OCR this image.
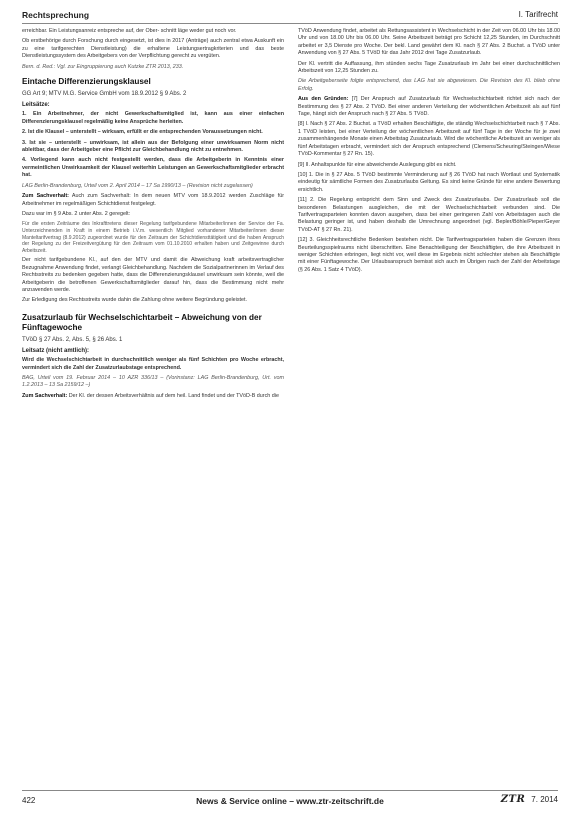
Rechtsprechung	I. Tarifrecht

erreichbar. Ein Leistungsanreiz entspreche auf, der Ober- schnitt läge weder gut noch vor.

Ob erstbehörige durch Forschung durch eingesetzt, ist dies in 2017 (Anträge) auch zentral etwa Auskunft ein zu eine tarifgerechten Dienstleistung) die erhaltene Leistungsertragkriterien und das beste Dienstleistungssystem des Arbeitgebers von der Verpflichtung gerecht zu vergüten.

Bern. d. Red.: Vgl. zur Eingruppierung auch Kutzke ZTR 2013, 233.

Eintache Differenzierungsklausel
GG Art 9; MTV M.G. Service GmbH vom 18.9.2012 § 9 Abs. 2
Leitsätze:

1. Ein Arbeitnehmer, der nicht Gewerkschaftsmitglied ist, kann aus einer einfachen Differenzierungsklausel regelmäßig keine Ansprüche herleiten.

2. Ist die Klausel – unterstellt – wirksam, erfüllt er die entsprechenden Voraussetzungen nicht.

3. Ist sie – unterstellt – unwirksam, ist allein aus der Befolgung einer unwirksamen Norm nicht ableitbar, dass der Arbeitgeber eine Pflicht zur Gleichbehandlung nicht zu entnehmen.

4. Vorliegend kann auch nicht festgestellt werden, dass die Arbeitgeberin in Kenntnis einer vermeintlichen Unwirksamkeit der Klausel weiterhin Leistungen an Gewerkschaftsmitglieder erbracht hat.

LAG Berlin-Brandenburg, Urteil vom 2. April 2014 – 17 Sa 1990/13 – (Revision nicht zugelassen)

Zum Sachverhalt: Auch zum Sachverhalt: In dem neuen MTV vom 18.9.2012 werden Zuschläge für Arbeitnehmer im regelmäßigen Schichtdienst festgelegt.

Dazu war im § 9 Abs. 2 unter Abs. 2 geregelt:

Für die ersten Zeiträume des Inkrafttretens dieser Regelung tarifgebundene Mitarbeiter/innen der Service der Fa. Unterzeichnenden in Kraft in einem Betrieb i.V.m. wesentlich Mitglied vorhandener Mitarbeiter/innen dieser Manteltarifvertrag (8.9.2012) zugeordnet wurde für den Zeitraum der Schichtdiensttätigkeit und die haben Anspruch der Regelung zu der Freizeitvergütung für den Zeitraum vom 01.10.2010 erhalten haben und Zeitgewinne durch Arbeitszeit.

Der nicht tarifgebundene Kl., auf den der MTV und damit die Abweichung kraft arbeitsvertraglicher Bezugnahme Anwendung findet, verlangt Gleichbehandlung. Nachdem die Sozialpartnerinnen im Verlauf des Rechtsstreits zu bedenken gegeben hatte, dass die Differenzierungsklausel unwirksam sein könnte, weil die Arbeitgeberin die betroffenen Gewerkschaftsmitglieder darauf hin, dass die Bestimmung nicht mehr anzuwenden werde.

Zur Erledigung des Rechtsstreits wurde dahin die Zahlung ohne weitere Begründung geleistet.

Zusatzurlaub für Wechselschichtarbeit – Abweichung von der Fünftagewoche
TVöD § 27 Abs. 2, Abs. 5, § 26 Abs. 1
Leitsatz (nicht amtlich):

Wird die Wechselschichtarbeit in durchschnittlich weniger als fünf Schichten pro Woche erbracht, vermindert sich die Zahl der Zusatzurlaubstage entsprechend.

BAG, Urteil vom 19. Februar 2014 – 10 AZR 336/13 – (Vorinstanz: LAG Berlin-Brandenburg, Urt. vom 1.2.2013 – 13 Sa 2159/12 –)

Zum Sachverhalt: Der Kl. der dessen Arbeitsverhältnis auf dem heil. Land findet und der TVöD-B durch die

TVöD Anwendung findet, arbeitet als Rettungsassistent in Wechselschicht in der Zeit von 06.00 Uhr bis 18.00 Uhr und von 18.00 Uhr bis 06.00 Uhr. Seine Arbeitszeit beträgt pro Schicht 12,25 Stunden, im Durchschnitt arbeitet er 3,5 Dienste pro Woche. Der bekl. Land gewährt dem Kl. nach § 27 Abs. 2 Buchst. a TVöD unter Anwendung von § 27 Abs. 5 TVöD für das Jahr 2012 drei Tage Zusatzurlaub.

Der Kl. vertritt die Auffassung, ihm stünden sechs Tage Zusatzurlaub im Jahr bei einer durchschnittlichen Arbeitszeit von 12,25 Stunden zu.

Die Arbeitgeberseite folgte entsprechend, das LAG hat sie abgewiesen. Die Revision des Kl. blieb ohne Erfolg.

Aus den Gründen: [7] Der Anspruch auf Zusatzurlaub für Wechselschichtarbeit richtet sich nach der Bestimmung des § 27 Abs. 2 TVöD. Bei einer anderen Verteilung der wöchentlichen Arbeitszeit als auf fünf Tage, hängt sich der Anspruch nach § 27 Abs. 5 TVöD.

[8] I. Nach § 27 Abs. 2 Buchst. a TVöD erhalten Beschäftigte, die ständig Wechselschichtarbeit nach § 7 Abs. 1 TVöD leisten, bei einer Verteilung der wöchentlichen Arbeitszeit auf fünf Tage in der Woche für je zwei zusammenhängende Monate einen Arbeitstag Zusatzurlaub. Wird die wöchentliche Arbeitszeit an weniger als fünf Arbeitstagen erbracht, vermindert sich der Anspruch entsprechend (Clemens/Scheuring/Steingen/Wiese TVöD-Kommentar § 27 Rn. 15).

[9] II. Anhaltspunkte für eine abweichende Auslegung gibt es nicht.

[10] 1. Die in § 27 Abs. 5 TVöD bestimmte Verminderung auf § 26 TVöD hat nach Wortlaut und Systematik eindeutig für sämtliche Formen des Zusatzurlaubs Geltung. Es sind keine Gründe für eine andere Bewertung ersichtlich.

[11] 2. Die Regelung entspricht dem Sinn und Zweck des Zusatzurlaubs. Der Zusatzurlaub soll die besonderen Belastungen ausgleichen, die mit der Wechselschichtarbeit verbunden sind. Die Tarifvertragsparteien konnten davon ausgehen, dass bei einer geringeren Zahl von Arbeitstagen auch die Belastung geringer ist, und haben deshalb die Umrechnung angeordnet (vgl. Bepler/Böhle/Pieper/Geyer TVöD-AT § 27 Rn. 21).

[12] 3. Gleichheitsrechtliche Bedenken bestehen nicht. Die Tarifvertragsparteien haben die Grenzen ihres Beurteilungsspielraums nicht überschritten. Eine Benachteiligung der Beschäftigten, die ihre Arbeitszeit in weniger Schichten erbringen, liegt nicht vor, weil diese im Ergebnis nicht schlechter stehen als Beschäftigte mit einer Fünftagewoche. Der Urlaubsanspruch bemisst sich auch im Übrigen nach der Zahl der Arbeitstage (§ 26 Abs. 1 Satz 4 TVöD).

422	News & Service online – www.ztr-zeitschrift.de	ZTR 7. 2014
